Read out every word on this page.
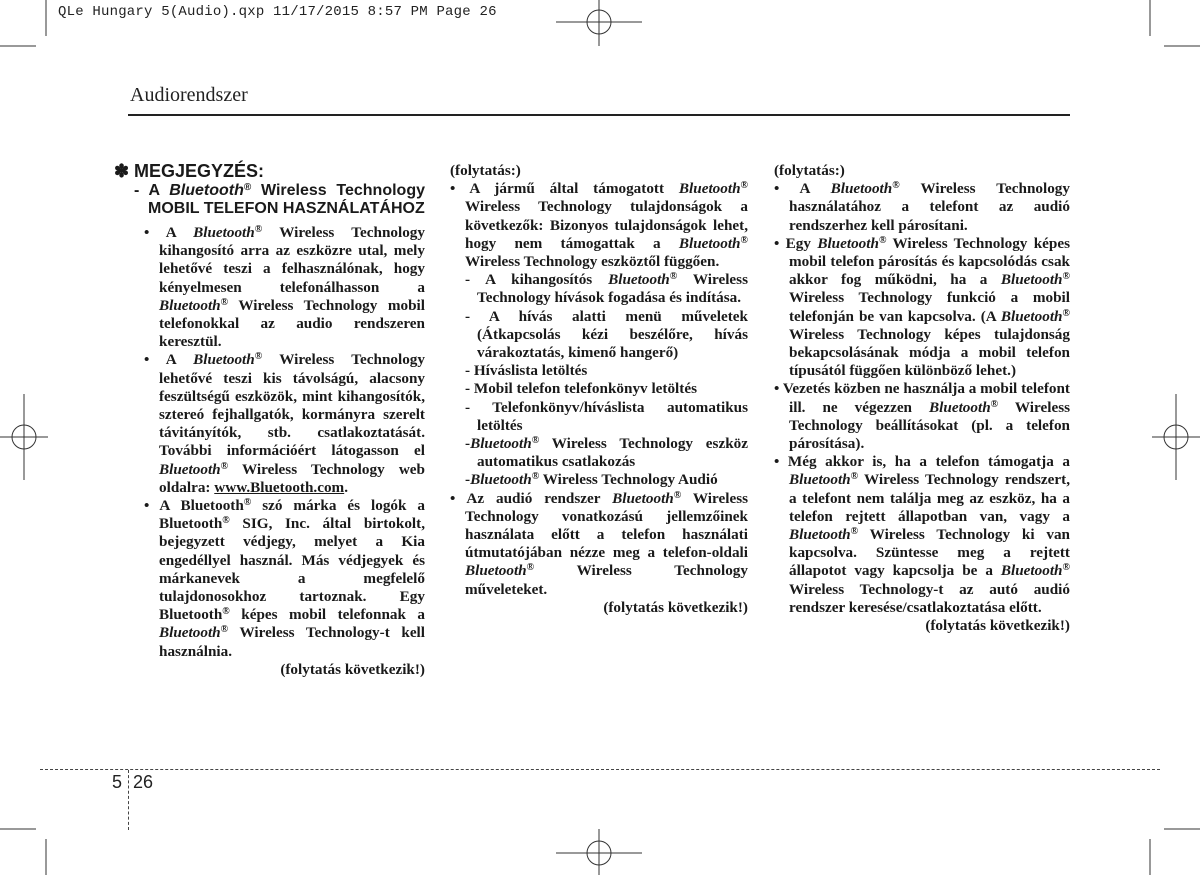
QLe Hungary 5(Audio).qxp 11/17/2015 8:57 PM Page 26
Audiorendszer
✽ MEGJEGYZÉS:
- A Bluetooth® Wireless Technology MOBIL TELEFON HASZNÁLATÁHOZ

• A Bluetooth® Wireless Technology kihangosító arra az eszközre utal, mely lehetővé teszi a felhasználónak, hogy kényelmesen telefonálhasson a Bluetooth® Wireless Technology mobil telefonokkal az audio rendszeren keresztül.

• A Bluetooth® Wireless Technology lehetővé teszi kis távolságú, alacsony feszültségű eszközök, mint kihangosítók, sztereó fejhallgatók, kormányra szerelt távitányítók, stb. csatlakoztatását. További információért látogasson el Bluetooth® Wireless Technology web oldalra: www.Bluetooth.com.

• A Bluetooth® szó márka és logók a Bluetooth® SIG, Inc. által birtokolt, bejegyzett védjegy, melyet a Kia engedéllyel használ. Más védjegyek és márkanevek a megfelelő tulajdonosokhoz tartoznak. Egy Bluetooth® képes mobil telefonnak a Bluetooth® Wireless Technology-t kell használnia.

(folytatás következik!)

(folytatás:)

• A jármű által támogatott Bluetooth® Wireless Technology tulajdonságok a következők: Bizonyos tulajdonságok lehet, hogy nem támogattak a Bluetooth® Wireless Technology eszköztől függően.

- A kihangosítós Bluetooth® Wireless Technology hívások fogadása és indítása.

- A hívás alatti menü műveletek (Átkapcsolás kézi beszélőre, hívás várakoztatás, kimenő hangerő)

- Híváslista letöltés

- Mobil telefon telefonkönyv letöltés

- Telefonkönyv/híváslista automatikus letöltés

-Bluetooth® Wireless Technology eszköz automatikus csatlakozás

-Bluetooth® Wireless Technology Audió

• Az audió rendszer Bluetooth® Wireless Technology vonatkozású jellemzőinek használata előtt a telefon használati útmutatójában nézze meg a telefon-oldali Bluetooth®	Wireless Technology műveleteket.

(folytatás következik!)

(folytatás:)

• A Bluetooth® Wireless Technology használatához a telefont az audió rendszerhez kell párosítani.

• Egy Bluetooth® Wireless Technology képes mobil telefon párosítás és kapcsolódás csak akkor fog működni, ha a Bluetooth® Wireless Technology funkció a mobil telefonján be van kapcsolva. (A Bluetooth® Wireless Technology képes tulajdonság bekapcsolásának módja a mobil telefon típusától függően különböző lehet.)

• Vezetés közben ne használja a mobil telefont ill. ne végezzen Bluetooth® Wireless Technology beállításokat (pl. a telefon párosítása).

• Még akkor is, ha a telefon támogatja a Bluetooth® Wireless Technology rendszert, a telefont nem találja meg az eszköz, ha a telefon rejtett állapotban van, vagy a Bluetooth® Wireless Technology ki van kapcsolva. Szüntesse meg a rejtett állapotot vagy kapcsolja be a Bluetooth® Wireless Technology-t az autó audió rendszer keresése/csatlakoztatása előtt.

(folytatás következik!)

5 26
